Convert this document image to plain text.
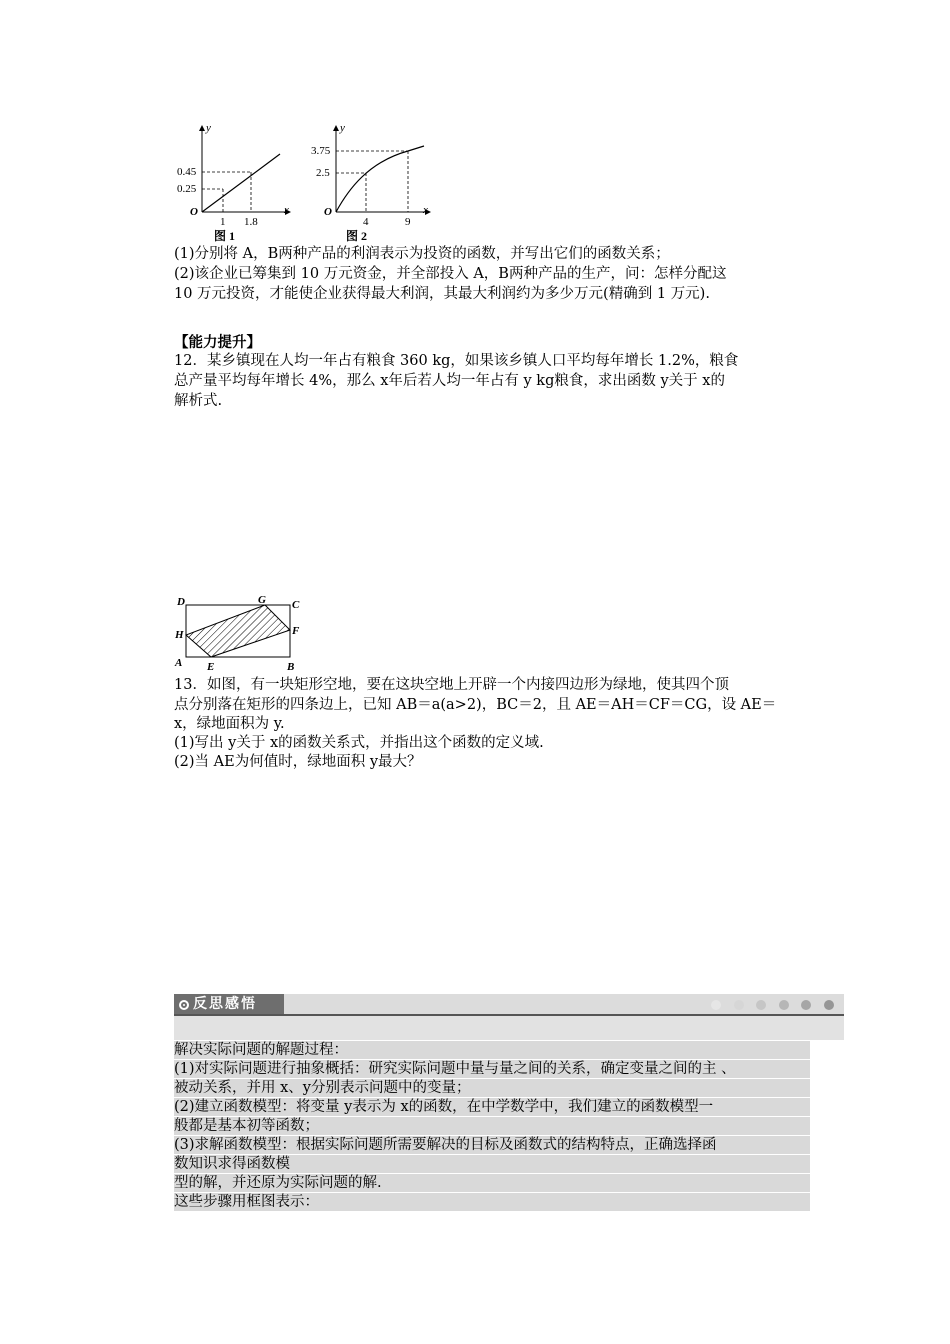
y
x
O
0.45
0.25
1 1.8
图 1
y
x
O
3.75
2.5
4	9
图 2
(1)分别将 A，B两种产品的利润表示为投资的函数，并写出它们的函数关系；
(2)该企业已筹集到 10 万元资金，并全部投入 A，B两种产品的生产，问：怎样分配这
10 万元投资，才能使企业获得最大利润，其最大利润约为多少万元(精确到 1 万元).
【能力提升】
12．某乡镇现在人均一年占有粮食 360 kg，如果该乡镇人口平均每年增长 1.2%，粮食
总产量平均每年增长 4%，那么 x年后若人均一年占有 y kg粮食，求出函数 y关于 x的
解析式.
D	G C
H	F
A E	B
13．如图，有一块矩形空地，要在这块空地上开辟一个内接四边形为绿地，使其四个顶
点分别落在矩形的四条边上，已知 AB＝a(a>2)，BC＝2，且 AE＝AH＝CF＝CG，设 AE＝
x，绿地面积为 y.
(1)写出 y关于 x的函数关系式，并指出这个函数的定义域.
(2)当 AE为何值时，绿地面积 y最大？
反思感悟

解决实际问题的解题过程：
(1)对实际问题进行抽象概括：研究实际问题中量与量之间的关系，确定变量之间的主 、
被动关系，并用 x、y分别表示问题中的变量；
(2)建立函数模型：将变量 y表示为 x的函数，在中学数学中，我们建立的函数模型一
般都是基本初等函数；
(3)求解函数模型：根据实际问题所需要解决的目标及函数式的结构特点，正确选择函
数知识求得函数模
型的解，并还原为实际问题的解.
这些步骤用框图表示：
